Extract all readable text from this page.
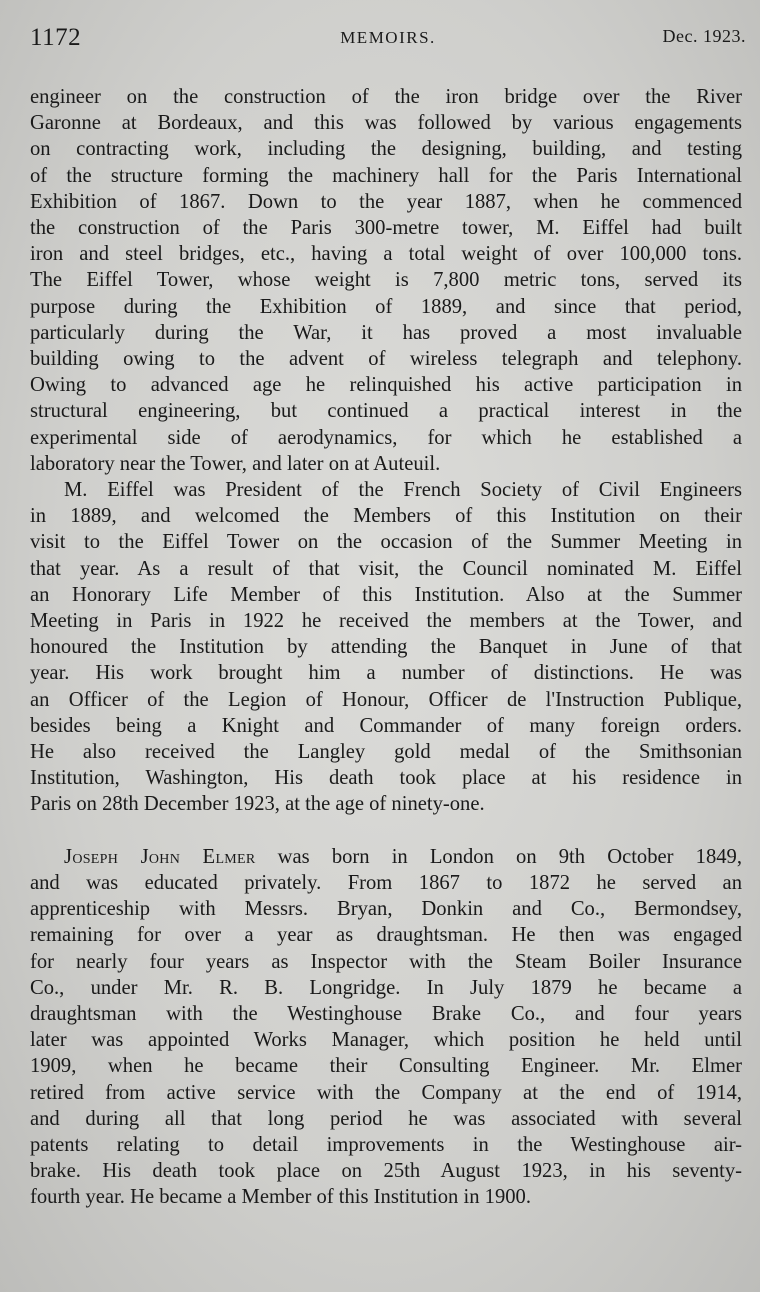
1172	MEMOIRS.	Dec. 1923.
engineer on the construction of the iron bridge over the River
Garonne at Bordeaux, and this was followed by various engagements
on contracting work, including the designing, building, and testing
of the structure forming the machinery hall for the Paris International
Exhibition of 1867. Down to the year 1887, when he commenced
the construction of the Paris 300-metre tower, M. Eiffel had built
iron and steel bridges, etc., having a total weight of over 100,000 tons.
The Eiffel Tower, whose weight is 7,800 metric tons, served its
purpose during the Exhibition of 1889, and since that period,
particularly during the War, it has proved a most invaluable
building owing to the advent of wireless telegraph and telephony.
Owing to advanced age he relinquished his active participation in
structural engineering, but continued a practical interest in the
experimental side of aerodynamics, for which he established a
laboratory near the Tower, and later on at Auteuil.
M. Eiffel was President of the French Society of Civil Engineers
in 1889, and welcomed the Members of this Institution on their
visit to the Eiffel Tower on the occasion of the Summer Meeting in
that year. As a result of that visit, the Council nominated M. Eiffel
an Honorary Life Member of this Institution. Also at the Summer
Meeting in Paris in 1922 he received the members at the Tower, and
honoured the Institution by attending the Banquet in June of that
year. His work brought him a number of distinctions. He was
an Officer of the Legion of Honour, Officer de l'Instruction Publique,
besides being a Knight and Commander of many foreign orders.
He also received the Langley gold medal of the Smithsonian
Institution, Washington, His death took place at his residence in
Paris on 28th December 1923, at the age of ninety-one.
Joseph John Elmer was born in London on 9th October 1849,
and was educated privately. From 1867 to 1872 he served an
apprenticeship with Messrs. Bryan, Donkin and Co., Bermondsey,
remaining for over a year as draughtsman. He then was engaged
for nearly four years as Inspector with the Steam Boiler Insurance
Co., under Mr. R. B. Longridge. In July 1879 he became a
draughtsman with the Westinghouse Brake Co., and four years
later was appointed Works Manager, which position he held until
1909, when he became their Consulting Engineer. Mr. Elmer
retired from active service with the Company at the end of 1914,
and during all that long period he was associated with several
patents relating to detail improvements in the Westinghouse air-
brake. His death took place on 25th August 1923, in his seventy-
fourth year. He became a Member of this Institution in 1900.
